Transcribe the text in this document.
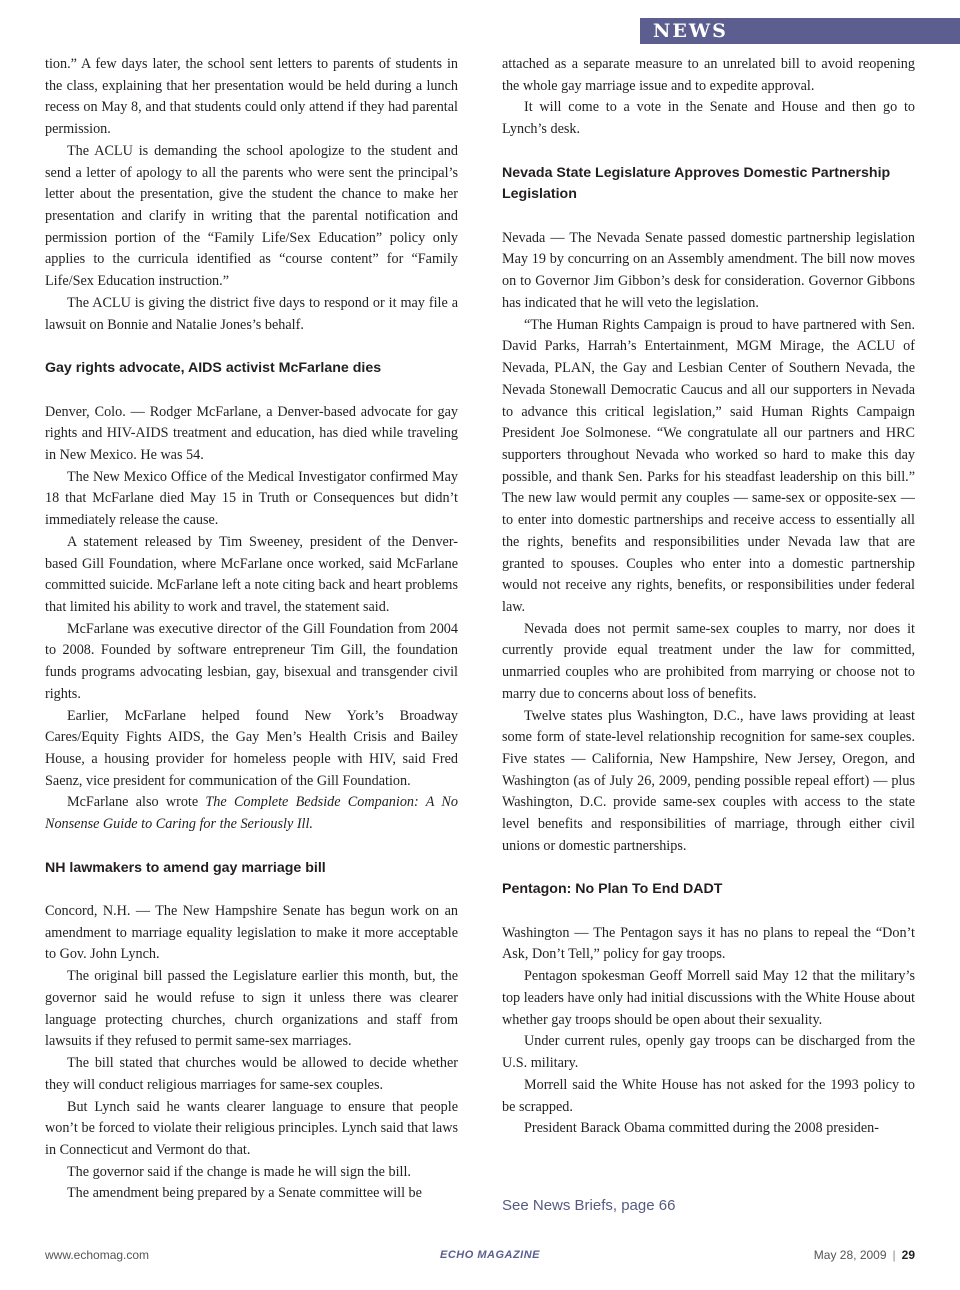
NEWS

tion.” A few days later, the school sent letters to parents of students in the class, explaining that her presentation would be held during a lunch recess on May 8, and that students could only attend if they had parental permission.

The ACLU is demanding the school apologize to the student and send a letter of apology to all the parents who were sent the principal’s letter about the presentation, give the student the chance to make her presentation and clarify in writing that the parental notification and permission portion of the “Family Life/Sex Education” policy only applies to the curricula identified as “course content” for “Family Life/Sex Education instruction.”

The ACLU is giving the district five days to respond or it may file a lawsuit on Bonnie and Natalie Jones’s behalf.

Gay rights advocate, AIDS activist McFarlane dies

Denver, Colo. — Rodger McFarlane, a Denver-based advocate for gay rights and HIV-AIDS treatment and education, has died while traveling in New Mexico. He was 54.

The New Mexico Office of the Medical Investigator confirmed May 18 that McFarlane died May 15 in Truth or Consequences but didn’t immediately release the cause.

A statement released by Tim Sweeney, president of the Denver-based Gill Foundation, where McFarlane once worked, said McFarlane committed suicide. McFarlane left a note citing back and heart problems that limited his ability to work and travel, the statement said.

McFarlane was executive director of the Gill Foundation from 2004 to 2008. Founded by software entrepreneur Tim Gill, the foundation funds programs advocating lesbian, gay, bisexual and transgender civil rights.

Earlier, McFarlane helped found New York’s Broadway Cares/Equity Fights AIDS, the Gay Men’s Health Crisis and Bailey House, a housing provider for homeless people with HIV, said Fred Saenz, vice president for communication of the Gill Foundation.

McFarlane also wrote The Complete Bedside Companion: A No Nonsense Guide to Caring for the Seriously Ill.

NH lawmakers to amend gay marriage bill

Concord, N.H. — The New Hampshire Senate has begun work on an amendment to marriage equality legislation to make it more acceptable to Gov. John Lynch.

The original bill passed the Legislature earlier this month, but, the governor said he would refuse to sign it unless there was clearer language protecting churches, church organizations and staff from lawsuits if they refused to permit same-sex marriages.

The bill stated that churches would be allowed to decide whether they will conduct religious marriages for same-sex couples.

But Lynch said he wants clearer language to ensure that people won’t be forced to violate their religious principles. Lynch said that laws in Connecticut and Vermont do that.

The governor said if the change is made he will sign the bill.

The amendment being prepared by a Senate committee will be

attached as a separate measure to an unrelated bill to avoid reopening the whole gay marriage issue and to expedite approval.

It will come to a vote in the Senate and House and then go to Lynch’s desk.

Nevada State Legislature Approves Domestic Partnership Legislation

Nevada — The Nevada Senate passed domestic partnership legislation May 19 by concurring on an Assembly amendment. The bill now moves on to Governor Jim Gibbon’s desk for consideration. Governor Gibbons has indicated that he will veto the legislation.

“The Human Rights Campaign is proud to have partnered with Sen. David Parks, Harrah’s Entertainment, MGM Mirage, the ACLU of Nevada, PLAN, the Gay and Lesbian Center of Southern Nevada, the Nevada Stonewall Democratic Caucus and all our supporters in Nevada to advance this critical legislation,” said Human Rights Campaign President Joe Solmonese. “We congratulate all our partners and HRC supporters throughout Nevada who worked so hard to make this day possible, and thank Sen. Parks for his steadfast leadership on this bill.” The new law would permit any couples — same-sex or opposite-sex — to enter into domestic partnerships and receive access to essentially all the rights, benefits and responsibilities under Nevada law that are granted to spouses. Couples who enter into a domestic partnership would not receive any rights, benefits, or responsibilities under federal law.

Nevada does not permit same-sex couples to marry, nor does it currently provide equal treatment under the law for committed, unmarried couples who are prohibited from marrying or choose not to marry due to concerns about loss of benefits.

Twelve states plus Washington, D.C., have laws providing at least some form of state-level relationship recognition for same-sex couples. Five states — California, New Hampshire, New Jersey, Oregon, and Washington (as of July 26, 2009, pending possible repeal effort) — plus Washington, D.C. provide same-sex couples with access to the state level benefits and responsibilities of marriage, through either civil unions or domestic partnerships.

Pentagon: No Plan To End DADT

Washington — The Pentagon says it has no plans to repeal the “Don’t Ask, Don’t Tell,” policy for gay troops.

Pentagon spokesman Geoff Morrell said May 12 that the military’s top leaders have only had initial discussions with the White House about whether gay troops should be open about their sexuality.

Under current rules, openly gay troops can be discharged from the U.S. military.

Morrell said the White House has not asked for the 1993 policy to be scrapped.

President Barack Obama committed during the 2008 presiden-

See News Briefs, page 66
www.echomag.com	ECHO MAGAZINE	May 28, 2009 | 29
